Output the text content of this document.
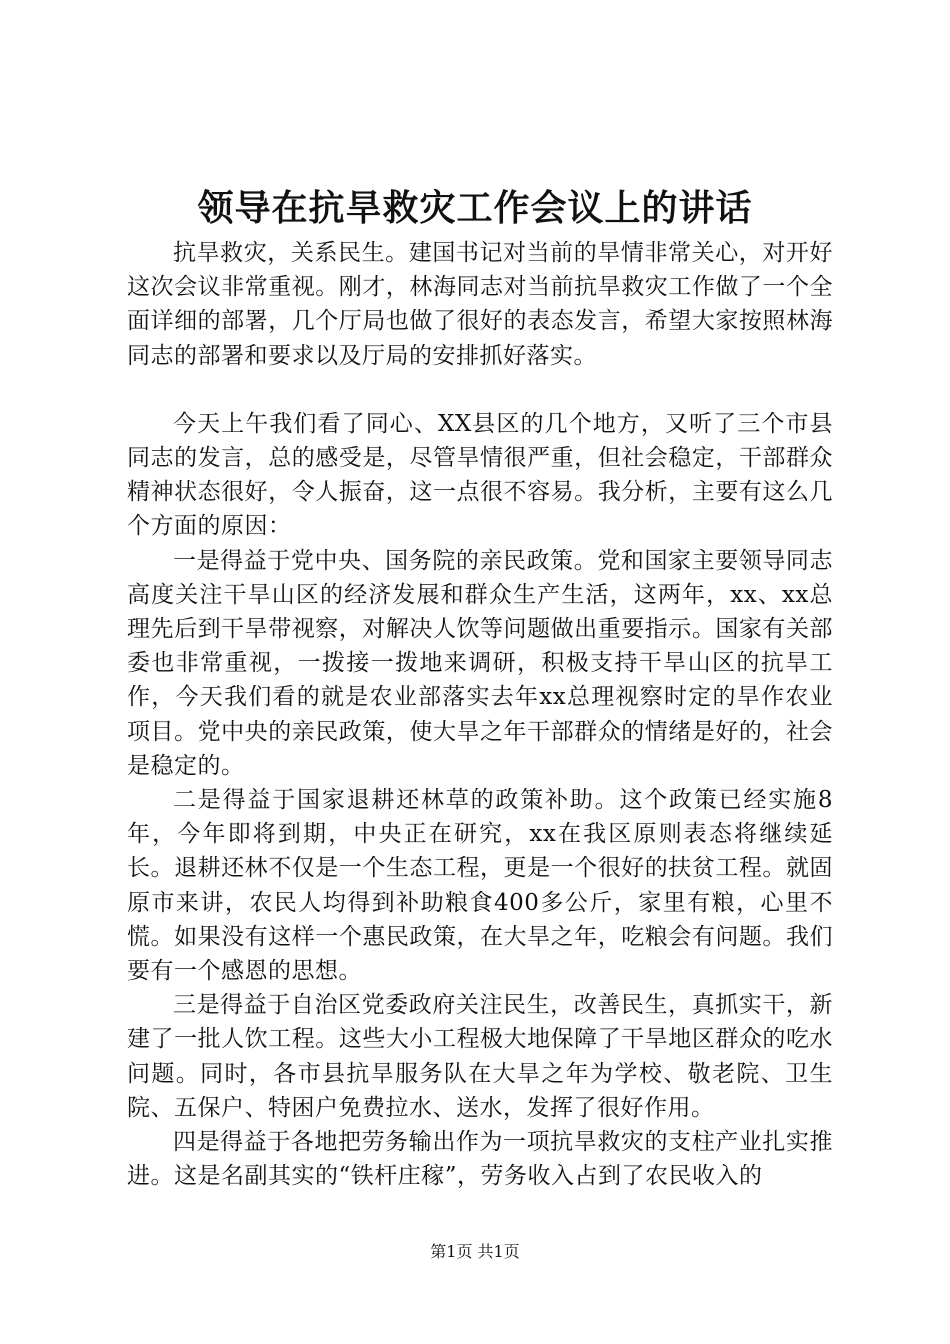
领导在抗旱救灾工作会议上的讲话

抗旱救灾，关系民生。建国书记对当前的旱情非常关心，对开好这次会议非常重视。刚才，林海同志对当前抗旱救灾工作做了一个全面详细的部署，几个厅局也做了很好的表态发言，希望大家按照林海同志的部署和要求以及厅局的安排抓好落实。

今天上午我们看了同心、XX县区的几个地方，又听了三个市县同志的发言，总的感受是，尽管旱情很严重，但社会稳定，干部群众精神状态很好，令人振奋，这一点很不容易。我分析，主要有这么几个方面的原因：

一是得益于党中央、国务院的亲民政策。党和国家主要领导同志高度关注干旱山区的经济发展和群众生产生活，这两年，xx、xx总理先后到干旱带视察，对解决人饮等问题做出重要指示。国家有关部委也非常重视，一拨接一拨地来调研，积极支持干旱山区的抗旱工作，今天我们看的就是农业部落实去年xx总理视察时定的旱作农业项目。党中央的亲民政策，使大旱之年干部群众的情绪是好的，社会是稳定的。

二是得益于国家退耕还林草的政策补助。这个政策已经实施8年，今年即将到期，中央正在研究，xx在我区原则表态将继续延长。退耕还林不仅是一个生态工程，更是一个很好的扶贫工程。就固原市来讲，农民人均得到补助粮食400多公斤，家里有粮，心里不慌。如果没有这样一个惠民政策，在大旱之年，吃粮会有问题。我们要有一个感恩的思想。

三是得益于自治区党委政府关注民生，改善民生，真抓实干，新建了一批人饮工程。这些大小工程极大地保障了干旱地区群众的吃水问题。同时，各市县抗旱服务队在大旱之年为学校、敬老院、卫生院、五保户、特困户免费拉水、送水，发挥了很好作用。

四是得益于各地把劳务输出作为一项抗旱救灾的支柱产业扎实推进。这是名副其实的“铁杆庄稼”，劳务收入占到了农民收入的

第1页 共1页
